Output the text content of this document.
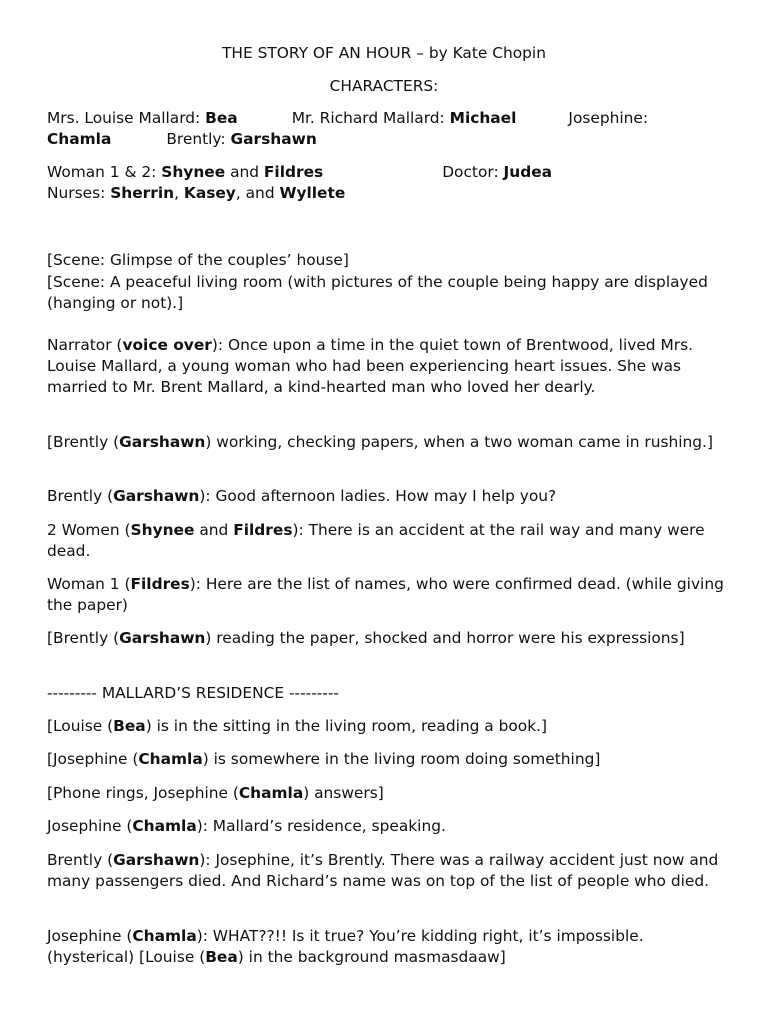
THE STORY OF AN HOUR – by Kate Chopin
CHARACTERS:
Mrs. Louise Mallard: Bea	Mr. Richard Mallard: Michael	Josephine:
Chamla	Brently: Garshawn
Woman 1 & 2: Shynee and Fildres	Doctor: Judea
Nurses: Sherrin, Kasey, and Wyllete
[Scene: Glimpse of the couples’ house]
[Scene: A peaceful living room (with pictures of the couple being happy are displayed (hanging or not).]
Narrator (voice over): Once upon a time in the quiet town of Brentwood, lived Mrs. Louise Mallard, a young woman who had been experiencing heart issues. She was married to Mr. Brent Mallard, a kind-hearted man who loved her dearly.
[Brently (Garshawn) working, checking papers, when a two woman came in rushing.]
Brently (Garshawn): Good afternoon ladies. How may I help you?
2 Women (Shynee and Fildres): There is an accident at the rail way and many were dead.
Woman 1 (Fildres): Here are the list of names, who were confirmed dead. (while giving the paper)
[Brently (Garshawn) reading the paper, shocked and horror were his expressions]
--------- MALLARD’S RESIDENCE ---------
[Louise (Bea) is in the sitting in the living room, reading a book.]
[Josephine (Chamla) is somewhere in the living room doing something]
[Phone rings, Josephine (Chamla) answers]
Josephine (Chamla): Mallard’s residence, speaking.
Brently (Garshawn): Josephine, it’s Brently. There was a railway accident just now and many passengers died. And Richard’s name was on top of the list of people who died.
Josephine (Chamla): WHAT??!! Is it true? You’re kidding right, it’s impossible. (hysterical) [Louise (Bea) in the background masmasdaaw]
